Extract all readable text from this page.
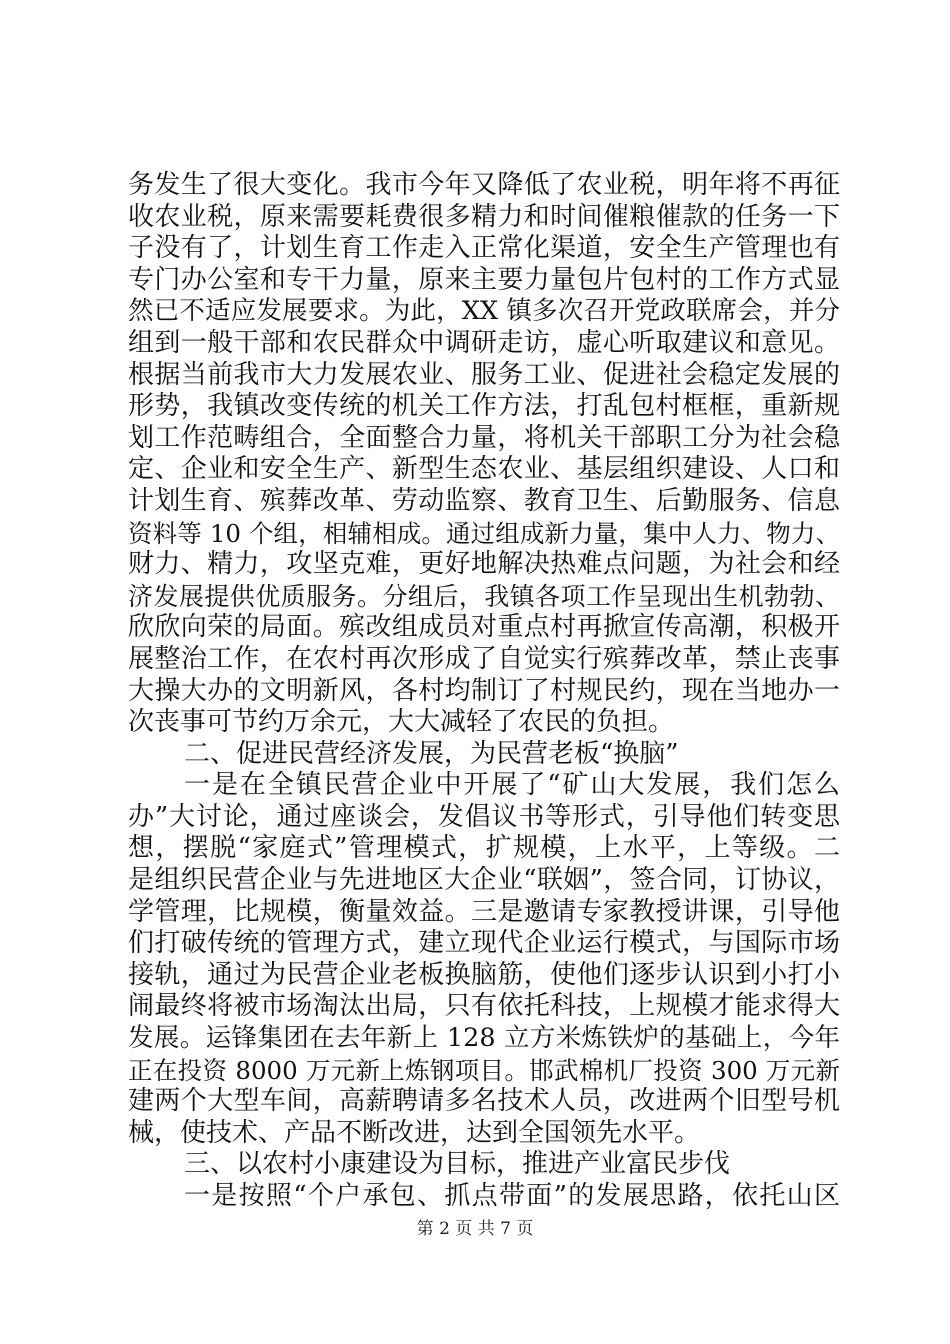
务发生了很大变化。我市今年又降低了农业税，明年将不再征
收农业税，原来需要耗费很多精力和时间催粮催款的任务一下
子没有了，计划生育工作走入正常化渠道，安全生产管理也有
专门办公室和专干力量，原来主要力量包片包村的工作方式显
然已不适应发展要求。为此，XX 镇多次召开党政联席会，并分
组到一般干部和农民群众中调研走访，虚心听取建议和意见。
根据当前我市大力发展农业、服务工业、促进社会稳定发展的
形势，我镇改变传统的机关工作方法，打乱包村框框，重新规
划工作范畴组合，全面整合力量，将机关干部职工分为社会稳
定、企业和安全生产、新型生态农业、基层组织建设、人口和
计划生育、殡葬改革、劳动监察、教育卫生、后勤服务、信息
资料等 10 个组，相辅相成。通过组成新力量，集中人力、物力、
财力、精力，攻坚克难，更好地解决热难点问题，为社会和经
济发展提供优质服务。分组后，我镇各项工作呈现出生机勃勃、
欣欣向荣的局面。殡改组成员对重点村再掀宣传高潮，积极开
展整治工作，在农村再次形成了自觉实行殡葬改革，禁止丧事
大操大办的文明新风，各村均制订了村规民约，现在当地办一
次丧事可节约万余元，大大减轻了农民的负担。
二、促进民营经济发展，为民营老板“换脑”
一是在全镇民营企业中开展了“矿山大发展，我们怎么
办”大讨论，通过座谈会，发倡议书等形式，引导他们转变思
想，摆脱“家庭式”管理模式，扩规模，上水平，上等级。二
是组织民营企业与先进地区大企业“联姻”，签合同，订协议，
学管理，比规模，衡量效益。三是邀请专家教授讲课，引导他
们打破传统的管理方式，建立现代企业运行模式，与国际市场
接轨，通过为民营企业老板换脑筋，使他们逐步认识到小打小
闹最终将被市场淘汰出局，只有依托科技，上规模才能求得大
发展。运锋集团在去年新上 128 立方米炼铁炉的基础上，今年
正在投资 8000 万元新上炼钢项目。邯武棉机厂投资 300 万元新
建两个大型车间，高薪聘请多名技术人员，改进两个旧型号机
械，使技术、产品不断改进，达到全国领先水平。
三、以农村小康建设为目标，推进产业富民步伐
一是按照“个户承包、抓点带面”的发展思路，依托山区
第 2 页 共 7 页
